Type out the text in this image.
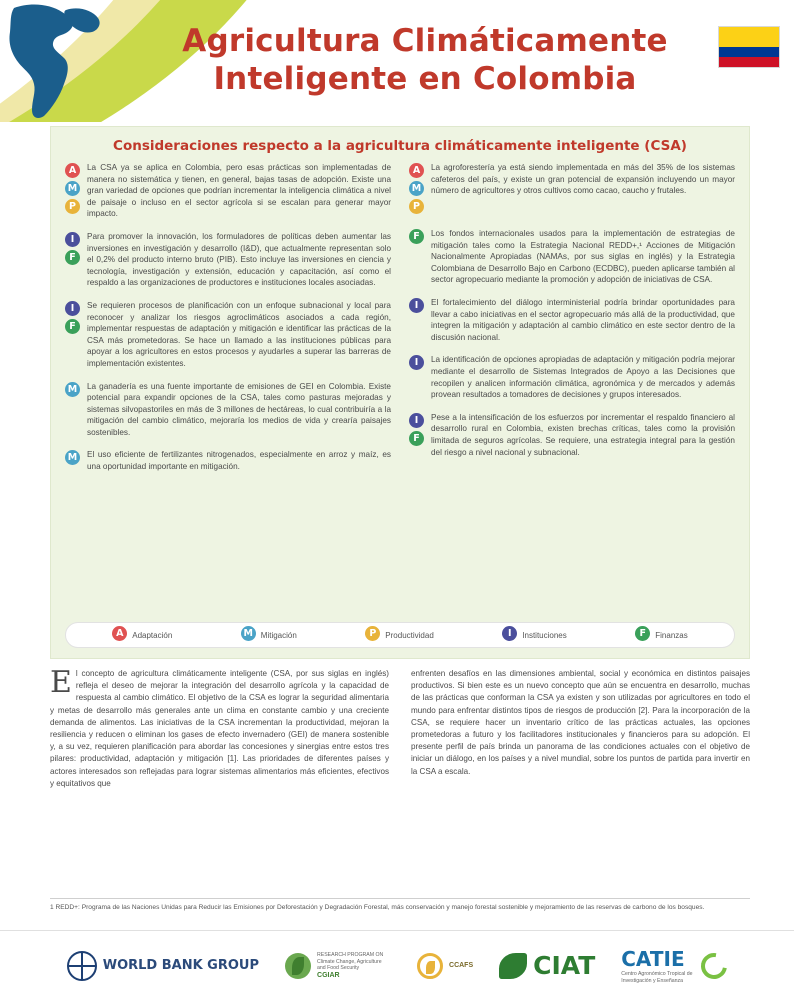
Agricultura Climáticamente
Inteligente en Colombia
Consideraciones respecto a la agricultura climáticamente inteligente (CSA)
A
M
P
La CSA ya se aplica en Colombia, pero esas prácticas son implementadas de manera no sistemática y tienen, en general, bajas tasas de adopción. Existe una gran variedad de opciones que podrían incrementar la inteligencia climática a nivel de paisaje o incluso en el sector agrícola si se escalan para generar mayor impacto.
I
F
Para promover la innovación, los formuladores de políticas deben aumentar las inversiones en investigación y desarrollo (I&D), que actualmente representan solo el 0,2% del producto interno bruto (PIB). Esto incluye las inversiones en ciencia y tecnología, investigación y extensión, educación y capacitación, así como el respaldo a las organizaciones de productores e instituciones locales asociadas.
I
F
Se requieren procesos de planificación con un enfoque subnacional y local para reconocer y analizar los riesgos agroclimáticos asociados a cada región, implementar respuestas de adaptación y mitigación e identificar las prácticas de la CSA más prometedoras. Se hace un llamado a las instituciones públicas para apoyar a los agricultores en estos procesos y ayudarles a superar las barreras de implementación existentes.
M	La ganadería es una fuente importante de emisiones de GEI en Colombia. Existe potencial para expandir opciones de la CSA, tales como pasturas mejoradas y sistemas silvopastoriles en más de 3 millones de hectáreas, lo cual contribuiría a la mitigación del cambio climático, mejoraría los medios de vida y crearía paisajes sostenibles.
M	El uso eficiente de fertilizantes nitrogenados, especialmente en arroz y maíz, es una oportunidad importante en mitigación.
A
M
P
La agroforestería ya está siendo implementada en más del 35% de los sistemas cafeteros del país, y existe un gran potencial de expansión incluyendo un mayor número de agricultores y otros cultivos como cacao, caucho y frutales.
F	Los fondos internacionales usados para la implementación de estrategias de mitigación tales como la Estrategia Nacional REDD+,¹ Acciones de Mitigación Nacionalmente Apropiadas (NAMAs, por sus siglas en inglés) y la Estrategia Colombiana de Desarrollo Bajo en Carbono (ECDBC), pueden aplicarse también al sector agropecuario mediante la promoción y adopción de iniciativas de CSA.
I	El fortalecimiento del diálogo interministerial podría brindar oportunidades para llevar a cabo iniciativas en el sector agropecuario más allá de la productividad, que integren la mitigación y adaptación al cambio climático en este sector dentro de la discusión nacional.
I	La identificación de opciones apropiadas de adaptación y mitigación podría mejorar mediante el desarrollo de Sistemas Integrados de Apoyo a las Decisiones que recopilen y analicen información climática, agronómica y de mercados y además provean resultados a tomadores de decisiones y grupos interesados.
I
F
Pese a la intensificación de los esfuerzos por incrementar el respaldo financiero al desarrollo rural en Colombia, existen brechas críticas, tales como la provisión limitada de seguros agrícolas. Se requiere, una estrategia integral para la gestión del riesgo a nivel nacional y subnacional.
A	Adaptación	M Mitigación	P	Productividad	I	Instituciones	F	Finanzas

El concepto de agricultura climáticamente inteligente (CSA, por sus siglas en inglés) refleja el deseo de mejorar la integración del desarrollo agrícola y la capacidad de respuesta al cambio climático. El objetivo de la CSA es lograr la seguridad alimentaria y metas de desarrollo más generales ante un clima en constante cambio y una creciente demanda de alimentos. Las iniciativas de la CSA incrementan la productividad, mejoran la resiliencia y reducen o eliminan los gases de efecto invernadero (GEI) de manera sostenible y, a su vez, requieren planificación para abordar las concesiones y sinergias entre estos tres pilares: productividad, adaptación y mitigación [1]. Las prioridades de diferentes países y actores interesados son reflejadas para lograr sistemas alimentarios más eficientes, efectivos y equitativos que

enfrenten desafíos en las dimensiones ambiental, social y económica en distintos paisajes productivos. Si bien este es un nuevo concepto que aún se encuentra en desarrollo, muchas de las prácticas que conforman la CSA ya existen y son utilizadas por agricultores en todo el mundo para enfrentar distintos tipos de riesgos de producción [2]. Para la incorporación de la CSA, se requiere hacer un inventario crítico de las prácticas actuales, las opciones prometedoras a futuro y los facilitadores institucionales y financieros para su adopción. El presente perfil de país brinda un panorama de las condiciones actuales con el objetivo de iniciar un diálogo, en los países y a nivel mundial, sobre los puntos de partida para invertir en la CSA a escala.

1 REDD+: Programa de las Naciones Unidas para Reducir las Emisiones por Deforestación y Degradación Forestal, más conservación y manejo forestal sostenible y mejoramiento de las reservas de carbono de los bosques.
WORLD BANK GROUP
RESEARCH PROGRAM ON Climate Change, Agriculture and Food Security
CGIAR
CCAFS CIAT CATIE
Centro Agronómico Tropical de Investigación y Enseñanza
